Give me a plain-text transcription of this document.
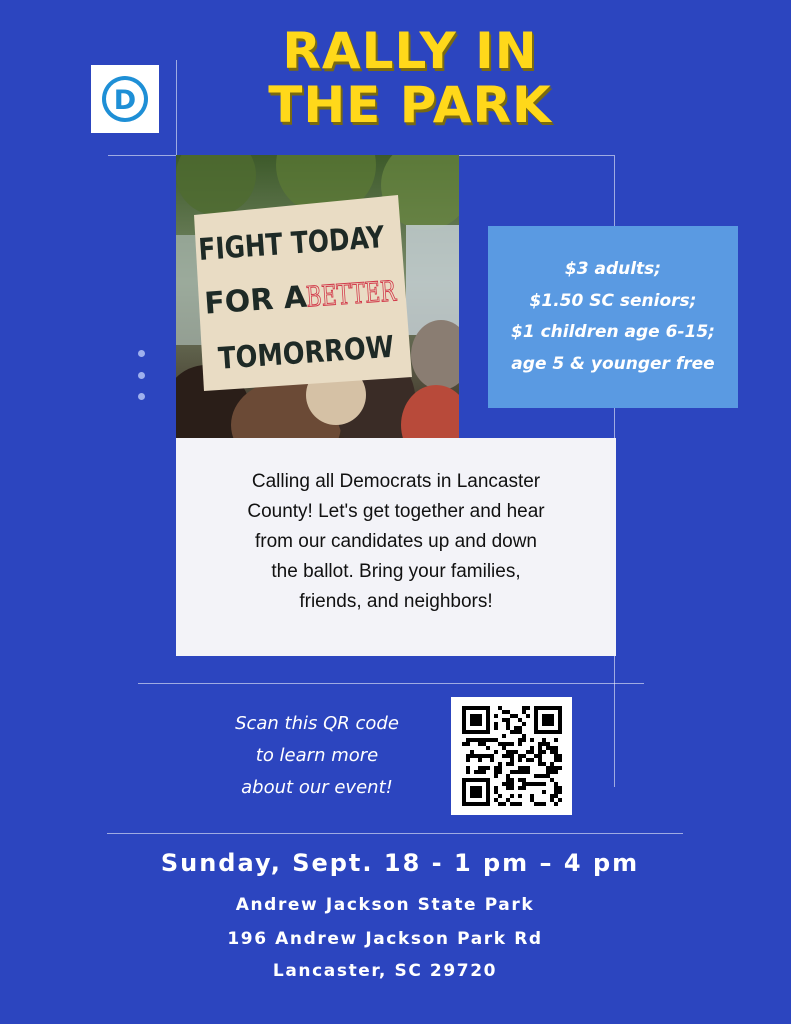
D
RALLY IN
THE PARK
FIGHT TODAY
FOR A
BETTER
TOMORROW
$3 adults;
$1.50 SC seniors;
$1 children age 6-15;
age 5 & younger free
Calling all Democrats in Lancaster
County! Let's get together and hear
from our candidates up and down
the ballot. Bring your families,
friends, and neighbors!
Scan this QR code
to learn more
about our event!
Sunday, Sept. 18 - 1 pm – 4 pm
Andrew Jackson State Park
196 Andrew Jackson Park Rd
Lancaster, SC 29720
